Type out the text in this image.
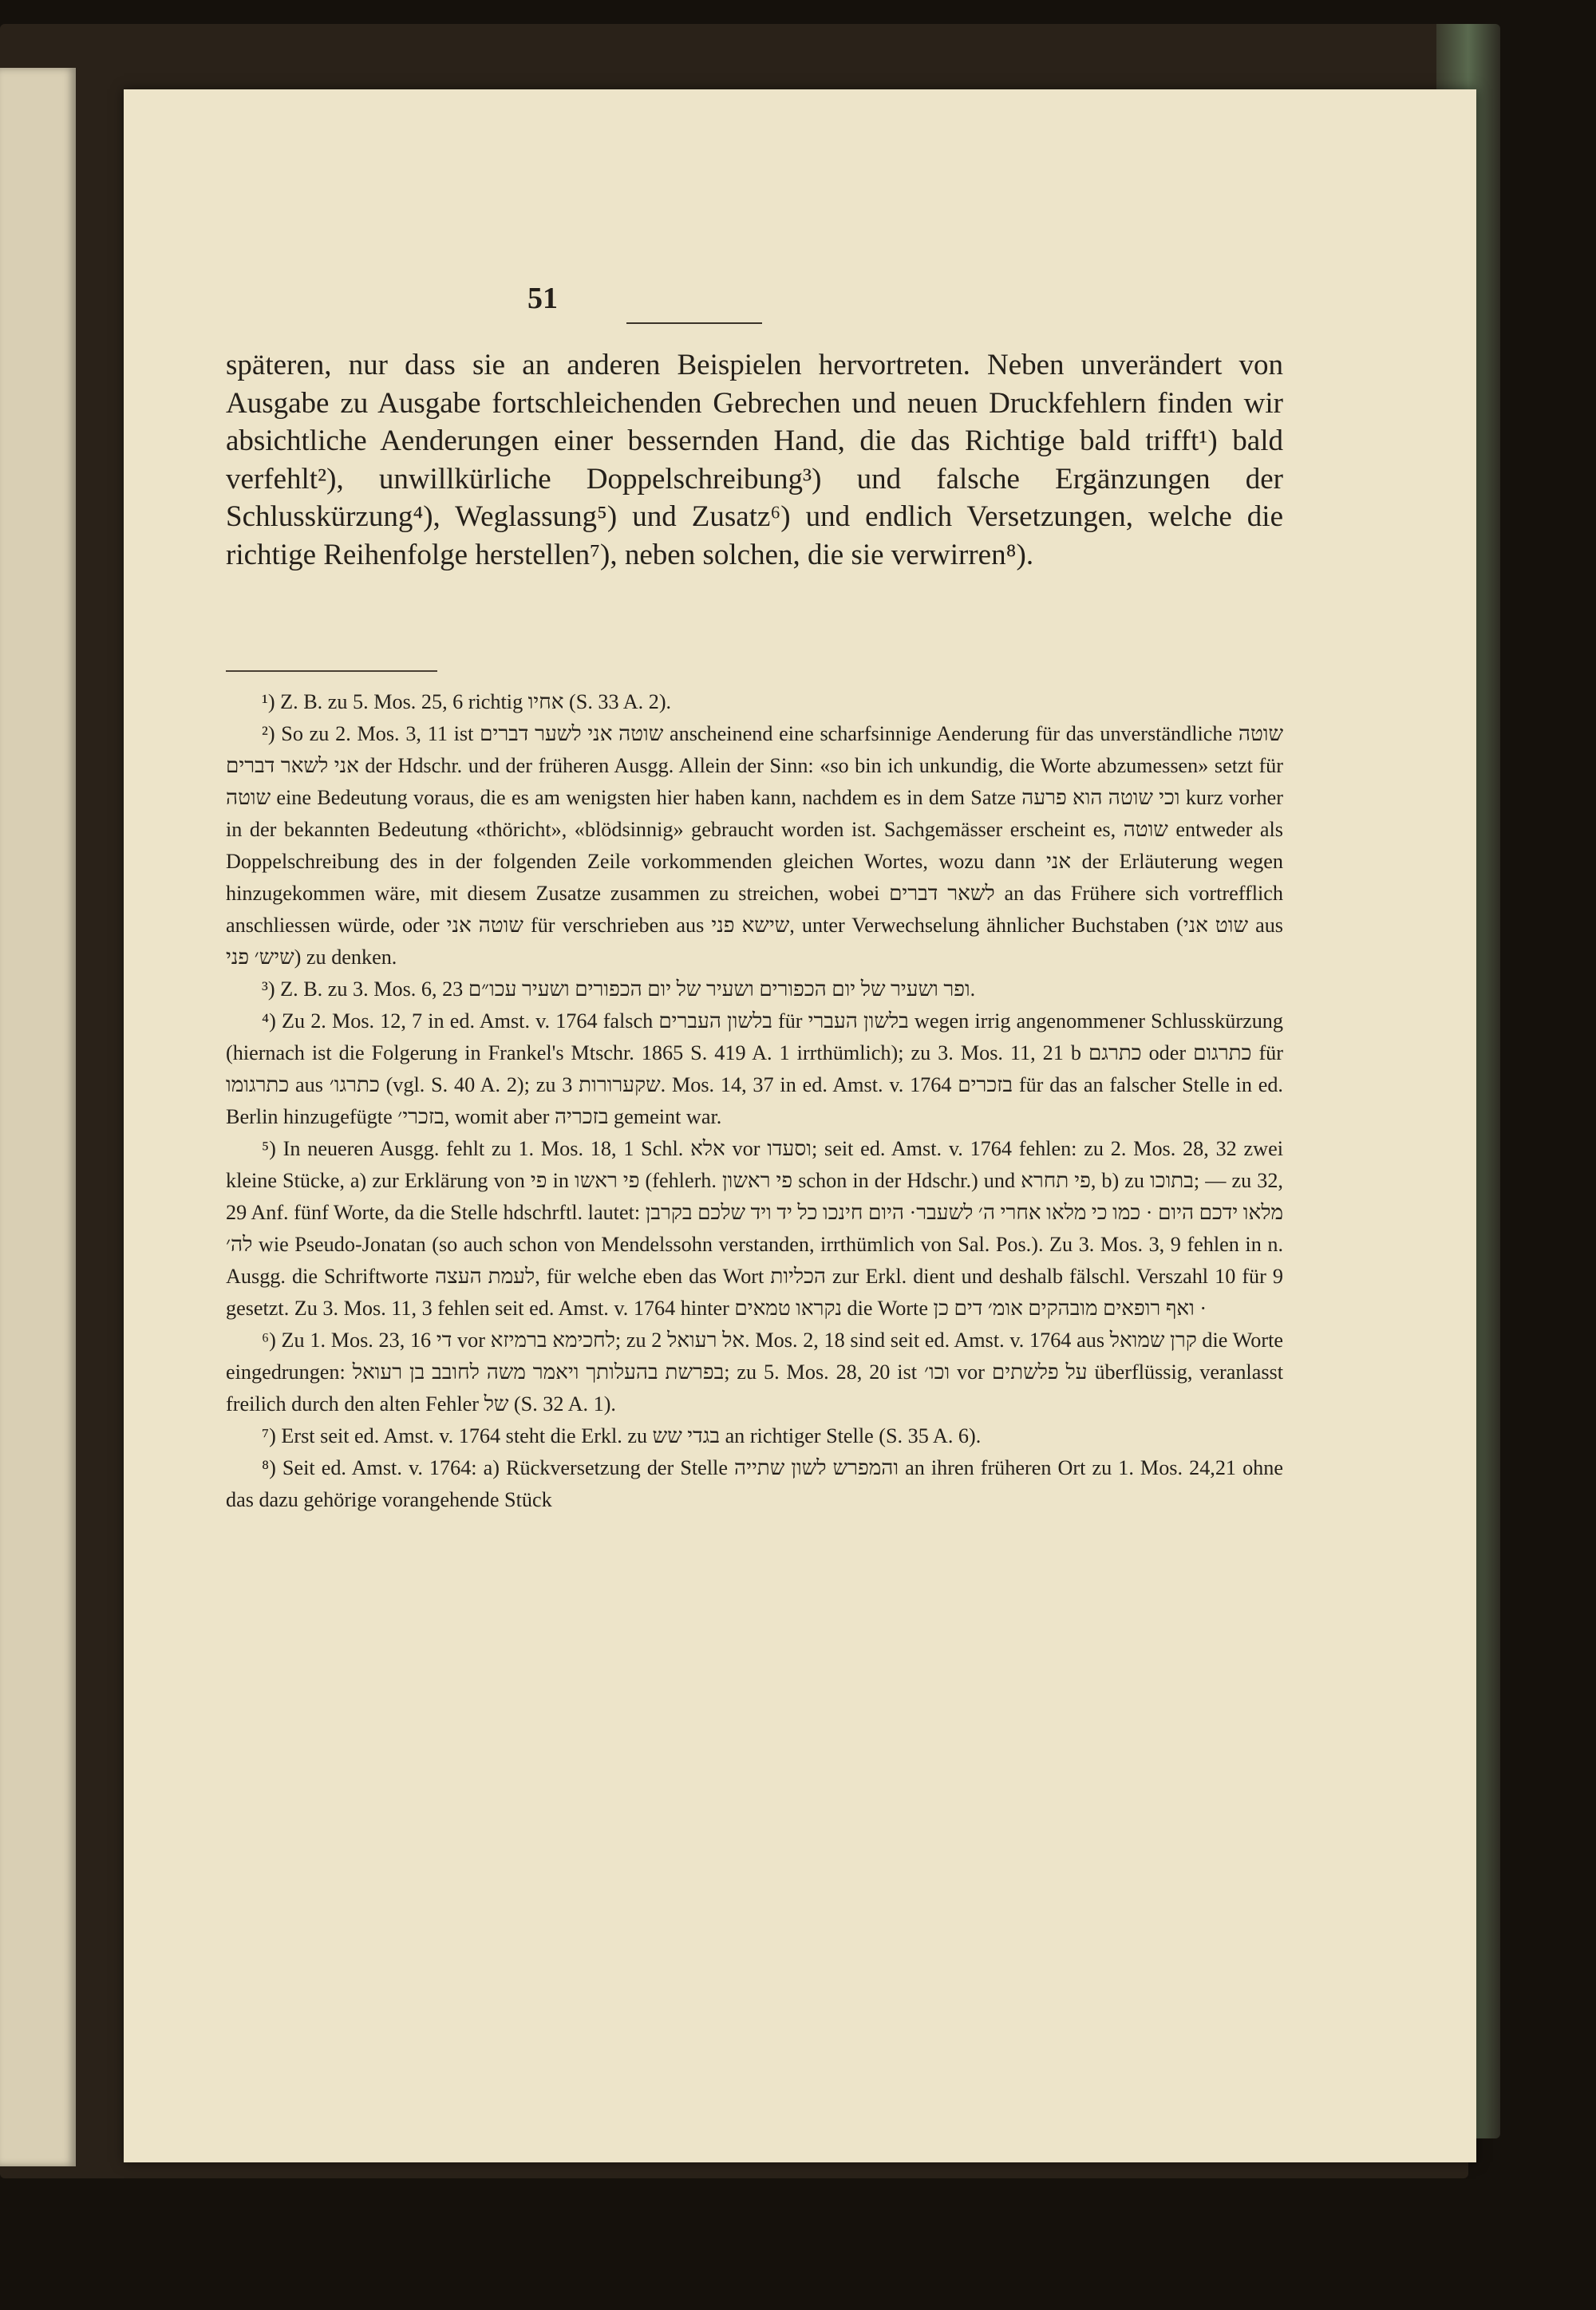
51

späteren, nur dass sie an anderen Beispielen hervortreten. Neben unverändert von Ausgabe zu Ausgabe fortschleichenden Gebrechen und neuen Druckfehlern finden wir absichtliche Aenderungen einer bessernden Hand, die das Richtige bald trifft¹) bald verfehlt²), unwillkürliche Doppelschreibung³) und falsche Ergänzungen der Schlusskürzung⁴), Weglassung⁵) und Zusatz⁶) und endlich Versetzungen, welche die richtige Reihenfolge herstellen⁷), neben solchen, die sie verwirren⁸).

¹) Z. B. zu 5. Mos. 25, 6 richtig אחיו (S. 33 A. 2).

²) So zu 2. Mos. 3, 11 ist שוטה אני לשער דברים anscheinend eine scharfsinnige Aenderung für das unverständliche שוטה אני לשאר דברים der Hdschr. und der früheren Ausgg. Allein der Sinn: «so bin ich unkundig, die Worte abzumessen» setzt für שוטה eine Bedeutung voraus, die es am wenigsten hier haben kann, nachdem es in dem Satze וכי שוטה הוא פרעה kurz vorher in der bekannten Bedeutung «thöricht», «blödsinnig» gebraucht worden ist. Sachgemässer erscheint es, שוטה entweder als Doppelschreibung des in der folgenden Zeile vorkommenden gleichen Wortes, wozu dann אני der Erläuterung wegen hinzugekommen wäre, mit diesem Zusatze zusammen zu streichen, wobei לשאר דברים an das Frühere sich vortrefflich anschliessen würde, oder שוטה אני für verschrieben aus שישא פני, unter Verwechselung ähnlicher Buchstaben (שוט אני aus שיש׳ פני) zu denken.

³) Z. B. zu 3. Mos. 6, 23 ופר ושעיר של יום הכפורים ושעיר של יום הכפורים ושעיר עכו״ם.

⁴) Zu 2. Mos. 12, 7 in ed. Amst. v. 1764 falsch בלשון העברים für בלשון העברי wegen irrig angenommener Schlusskürzung (hiernach ist die Folgerung in Frankel's Mtschr. 1865 S. 419 A. 1 irrthümlich); zu 3. Mos. 11, 21 b כתרגם oder כתרגום für כתרגומו aus כתרגו׳ (vgl. S. 40 A. 2); zu שקערורות 3. Mos. 14, 37 in ed. Amst. v. 1764 בזכרים für das an falscher Stelle in ed. Berlin hinzugefügte בזכרי׳, womit aber בזכריה gemeint war.

⁵) In neueren Ausgg. fehlt zu 1. Mos. 18, 1 Schl. אלא vor וסעדו; seit ed. Amst. v. 1764 fehlen: zu 2. Mos. 28, 32 zwei kleine Stücke, a) zur Erklärung von פי in פי ראשו (fehlerh. פי ראשון schon in der Hdschr.) und פי תחרא, b) zu בתוכו; — zu 32, 29 Anf. fünf Worte, da die Stelle hdschrftl. lautet: מלאו ידכם היום · כמו כי מלאו אחרי ה׳ לשעבר· היום חינכו כל יד ויד שלכם בקרבן לה׳ wie Pseudo-Jonatan (so auch schon von Mendelssohn verstanden, irrthümlich von Sal. Pos.). Zu 3. Mos. 3, 9 fehlen in n. Ausgg. die Schriftworte לעמת העצה, für welche eben das Wort הכליות zur Erkl. dient und deshalb fälschl. Verszahl 10 für 9 gesetzt. Zu 3. Mos. 11, 3 fehlen seit ed. Amst. v. 1764 hinter נקראו טמאים die Worte ואף רופאים מובהקים אומ׳ דים כן ·

⁶) Zu 1. Mos. 23, 16 די vor לחכימא ברמיזא; zu אל רעואל 2. Mos. 2, 18 sind seit ed. Amst. v. 1764 aus קרן שמואל die Worte eingedrungen: בפרשת בהעלותך ויאמר משה לחובב בן רעואל; zu 5. Mos. 28, 20 ist וכו׳ vor על פלשתים überflüssig, veranlasst freilich durch den alten Fehler של (S. 32 A. 1).

⁷) Erst seit ed. Amst. v. 1764 steht die Erkl. zu בגדי שש an richtiger Stelle (S. 35 A. 6).

⁸) Seit ed. Amst. v. 1764: a) Rückversetzung der Stelle והמפרש לשון שתייה an ihren früheren Ort zu 1. Mos. 24,21 ohne das dazu gehörige vorangehende Stück
